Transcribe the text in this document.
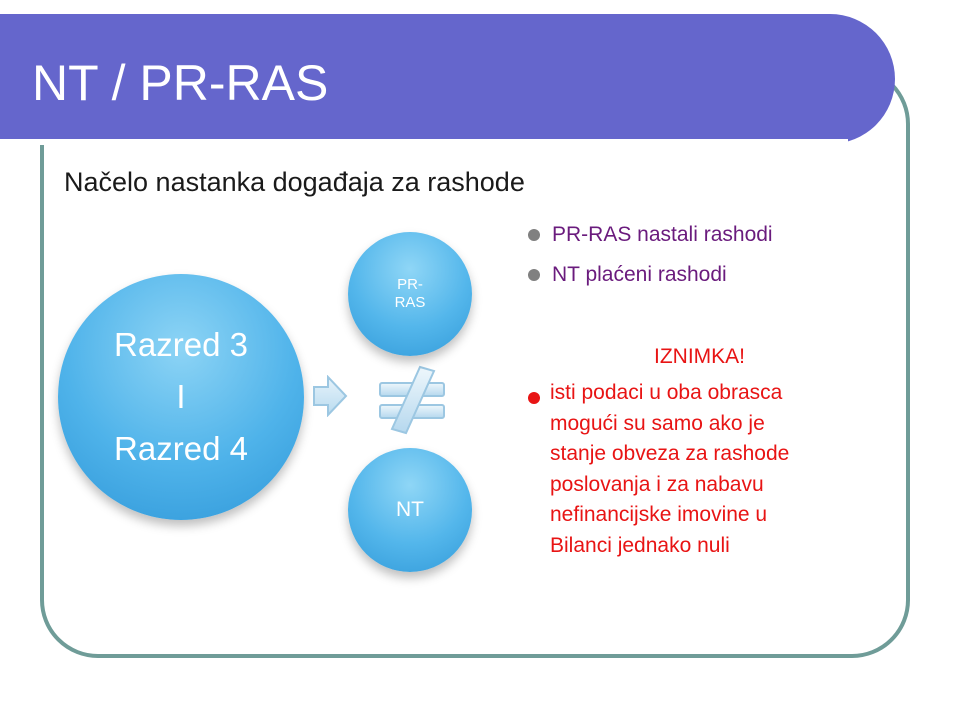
NT / PR-RAS
Načelo nastanka događaja za rashode
Razred 3
I
Razred 4
PR-
RAS
NT
PR-RAS nastali rashodi
NT plaćeni rashodi
IZNIMKA!
isti podaci u oba obrasca
mogući su samo ako je
stanje obveza za rashode
poslovanja i za nabavu
nefinancijske imovine u
Bilanci jednako nuli
